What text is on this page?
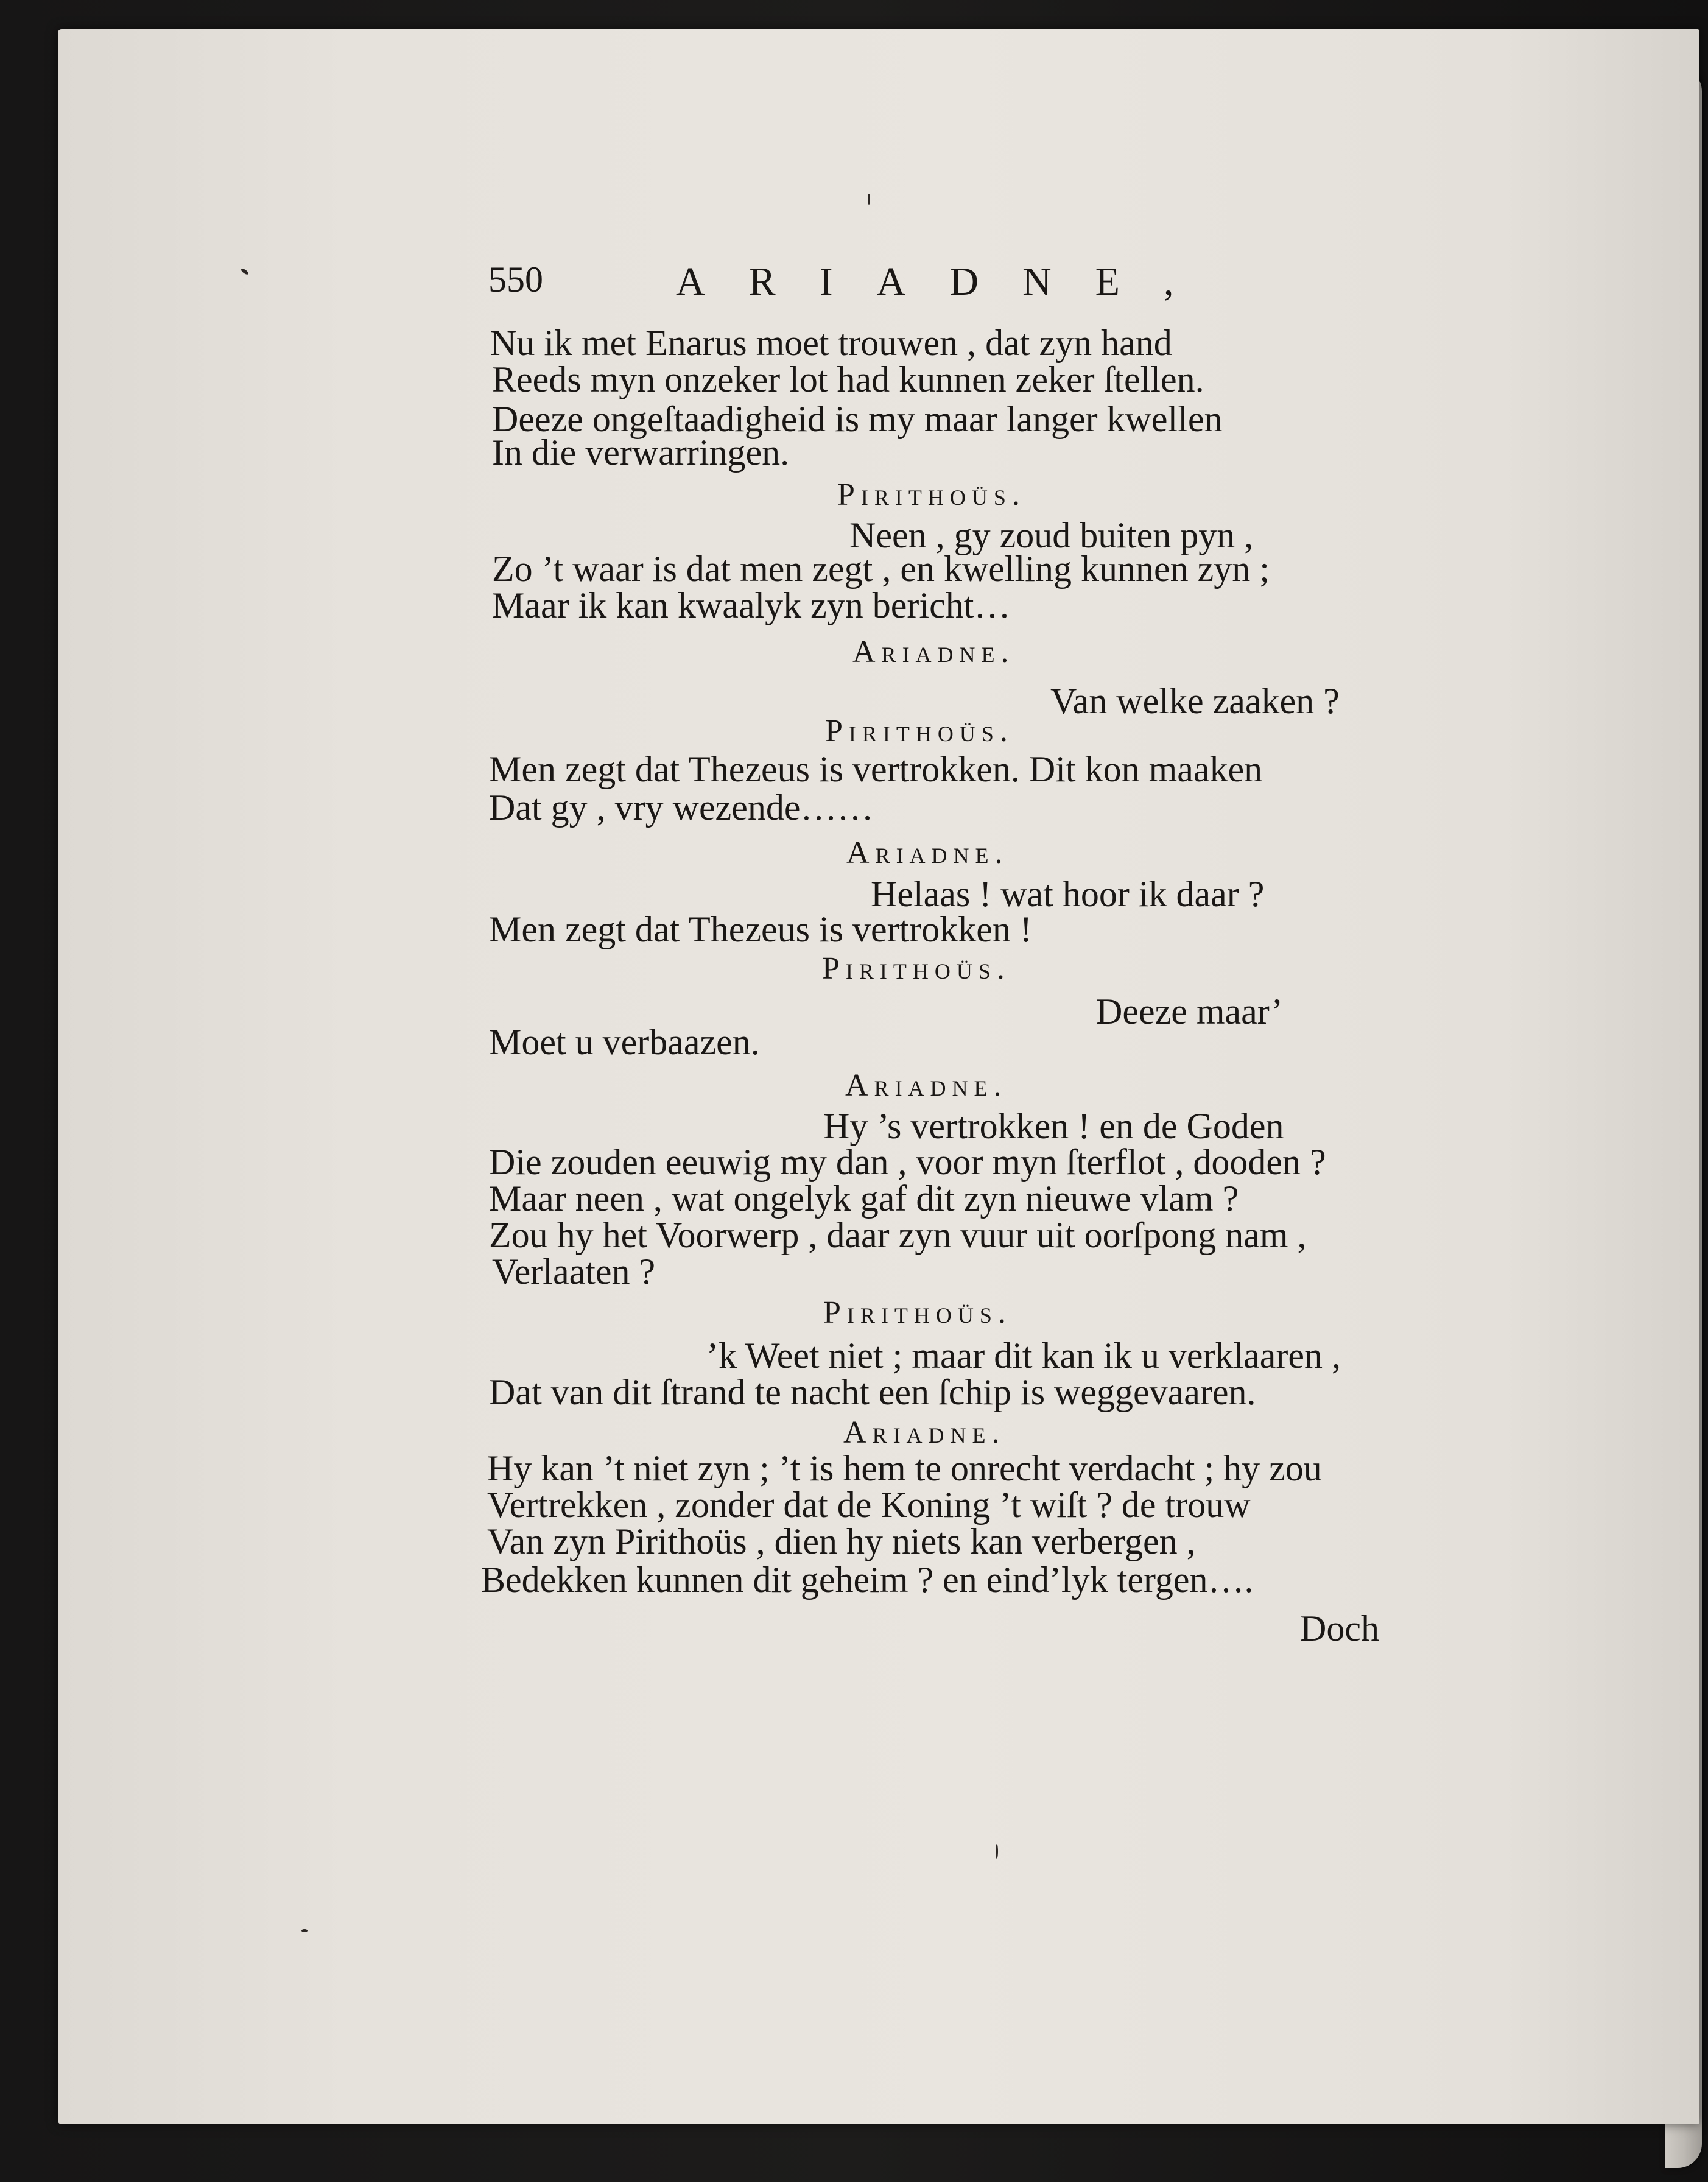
550	ARIADNE,
Nu ik met Enarus moet trouwen , dat zyn hand
Reeds myn onzeker lot had kunnen zeker ſtellen.
Deeze ongeſtaadigheid is my maar langer kwellen
In die verwarringen.
Pirithoüs.
Neen , gy zoud buiten pyn ,
Zo ’t waar is dat men zegt , en kwelling kunnen zyn ;
Maar ik kan kwaalyk zyn bericht…
Ariadne.
Van welke zaaken ?
Pirithoüs.
Men zegt dat Thezeus is vertrokken. Dit kon maaken
Dat gy , vry wezende……
Ariadne.
Helaas ! wat hoor ik daar ?
Men zegt dat Thezeus is vertrokken !
Pirithoüs.
Deeze maar’
Moet u verbaazen.
Ariadne.
Hy ’s vertrokken ! en de Goden
Die zouden eeuwig my dan , voor myn ſterflot , dooden ?
Maar neen , wat ongelyk gaf dit zyn nieuwe vlam ?
Zou hy het Voorwerp , daar zyn vuur uit oorſpong nam ,
Verlaaten ?
Pirithoüs.
’k Weet niet ; maar dit kan ik u verklaaren ,
Dat van dit ſtrand te nacht een ſchip is weggevaaren.
Ariadne.
Hy kan ’t niet zyn ; ’t is hem te onrecht verdacht ; hy zou
Vertrekken , zonder dat de Koning ’t wiſt ? de trouw
Van zyn Pirithoüs , dien hy niets kan verbergen ,
Bedekken kunnen dit geheim ? en eind’lyk tergen….
Doch
